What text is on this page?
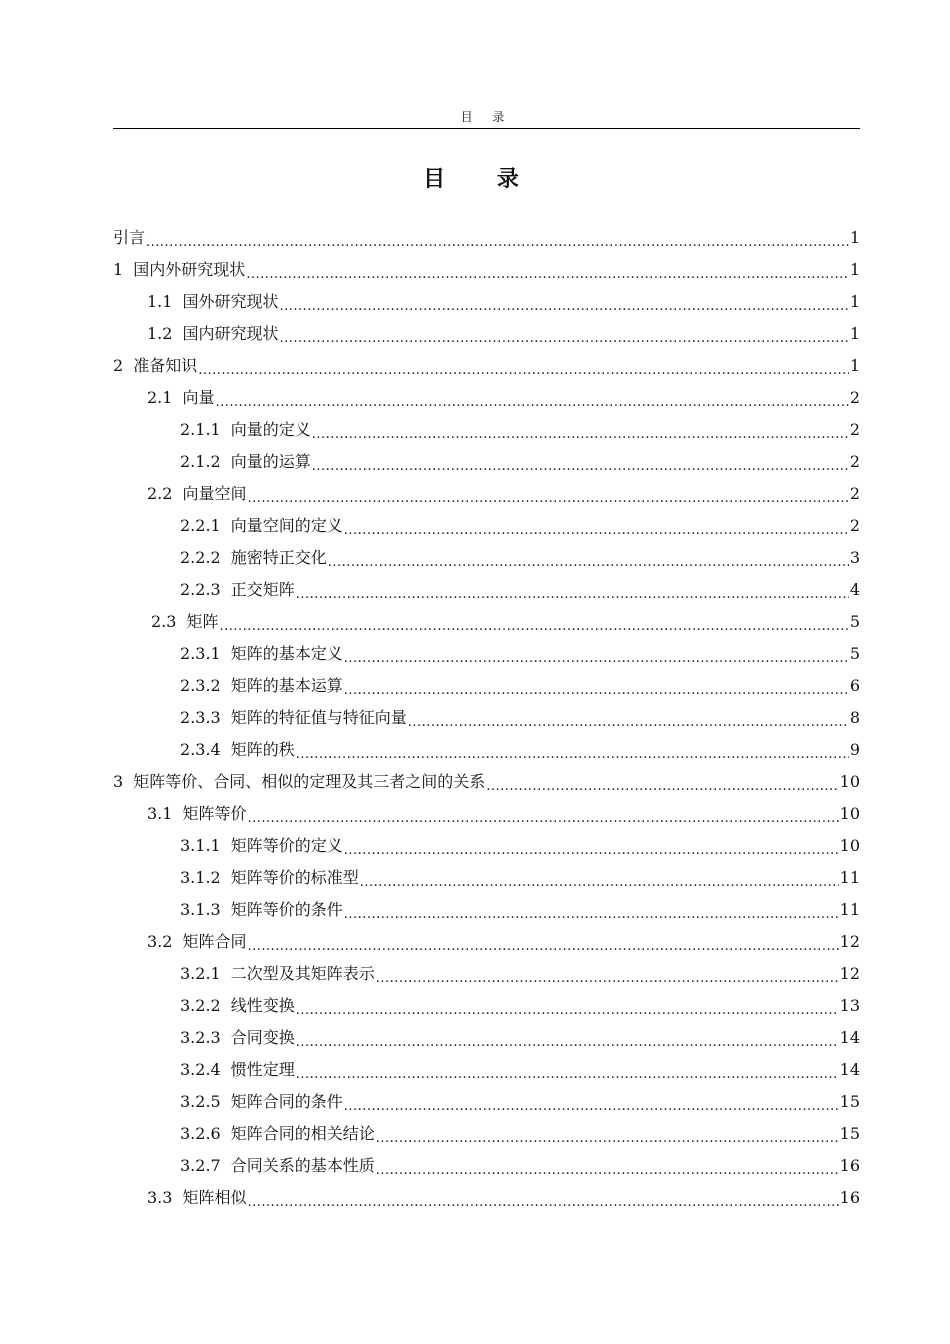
目 录
目 录
引言 .....	1
1 国内外研究现状 .....	1
1.1 国外研究现状 .....	1
1.2 国内研究现状 .....	1
2 准备知识 .....	1
2.1 向量 .....	2
2.1.1 向量的定义 .....	2
2.1.2 向量的运算 .....	2
2.2 向量空间 .....	2
2.2.1 向量空间的定义 .....	2
2.2.2 施密特正交化 .....	3
2.2.3 正交矩阵 .....	4
2.3 矩阵 .....	5
2.3.1 矩阵的基本定义 .....	5
2.3.2 矩阵的基本运算 .....	6
2.3.3 矩阵的特征值与特征向量 .....	8
2.3.4 矩阵的秩 .....	9
3 矩阵等价、合同、相似的定理及其三者之间的关系 .....	10
3.1 矩阵等价 .....	10
3.1.1 矩阵等价的定义 .....	10
3.1.2 矩阵等价的标准型 .....	11
3.1.3 矩阵等价的条件 .....	11
3.2 矩阵合同 .....	12
3.2.1 二次型及其矩阵表示 .....	12
3.2.2 线性变换 .....	13
3.2.3 合同变换 .....	14
3.2.4 惯性定理 .....	14
3.2.5 矩阵合同的条件 .....	15
3.2.6 矩阵合同的相关结论 .....	15
3.2.7 合同关系的基本性质 .....	16
3.3 矩阵相似 .....	16
